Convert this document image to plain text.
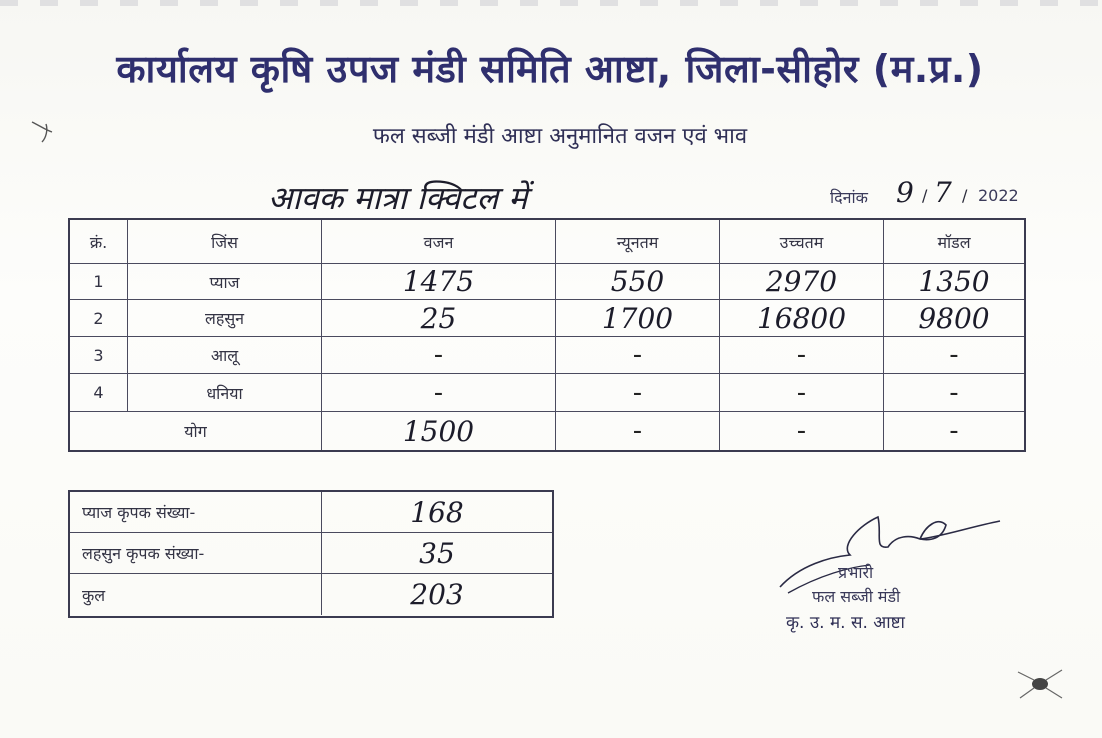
कार्यालय कृषि उपज मंडी समिति आष्टा, जिला-सीहोर (म.प्र.)
फल सब्जी मंडी आष्टा अनुमानित वजन एवं भाव
आवक मात्रा क्विटल में	दिनांक 9 / 7 / 2022
क्रं.	जिंस	वजन	न्यूनतम	उच्चतम	मॉडल
1	प्याज	1475	550	2970	1350
2	लहसुन	25	1700	16800	9800
3	आलू	-	-	-	-
4	धनिया	-	-	-	-
योग	1500	-	-	-
प्याज कृपक संख्या-	168
लहसुन कृपक संख्या-	35
कुल	203
प्रभारी
फल सब्जी मंडी
कृ. उ. म. स. आष्टा
